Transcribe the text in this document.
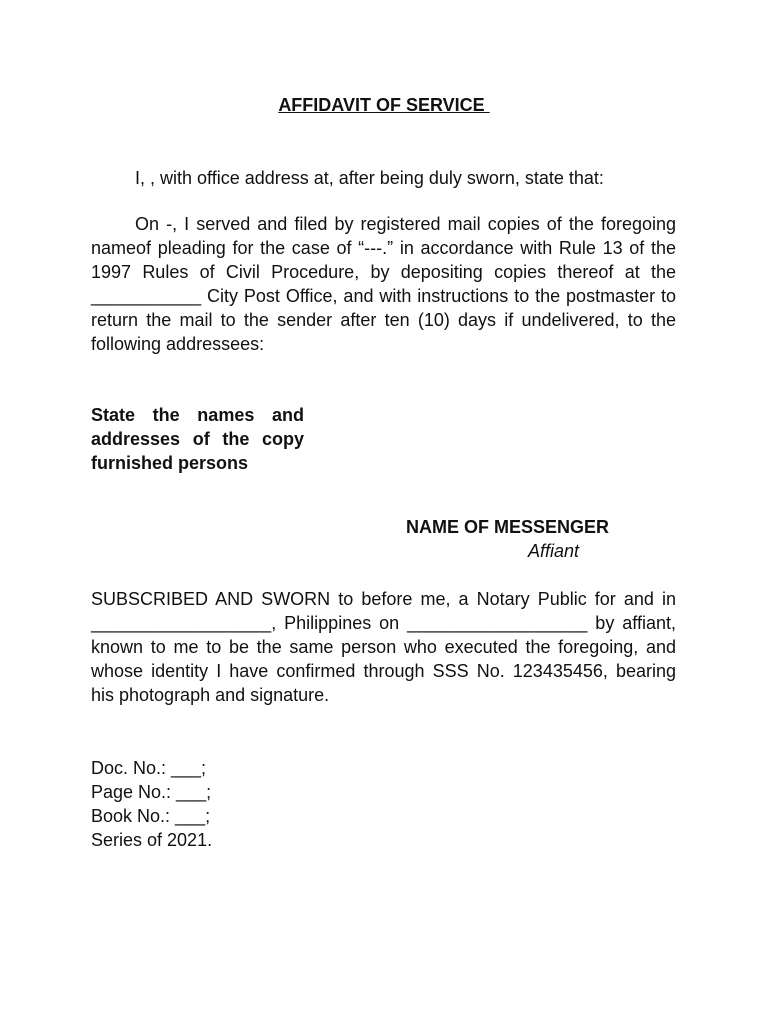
AFFIDAVIT OF SERVICE
I, , with office address at, after being duly sworn, state that:
On -, I served and filed by registered mail copies of the foregoing nameof pleading for the case of “---.” in accordance with Rule 13 of the 1997 Rules of Civil Procedure, by depositing copies thereof at the ___________ City Post Office, and with instructions to the postmaster to return the mail to the sender after ten (10) days if undelivered, to the following addressees:
State the names and addresses of the copy furnished persons
NAME OF MESSENGER
Affiant
SUBSCRIBED AND SWORN to before me, a Notary Public for and in __________________, Philippines on __________________ by affiant, known to me to be the same person who executed the foregoing, and whose identity I have confirmed through SSS No. 123435456, bearing his photograph and signature.
Doc. No.: ___;
Page No.: ___;
Book No.: ___;
Series of 2021.
